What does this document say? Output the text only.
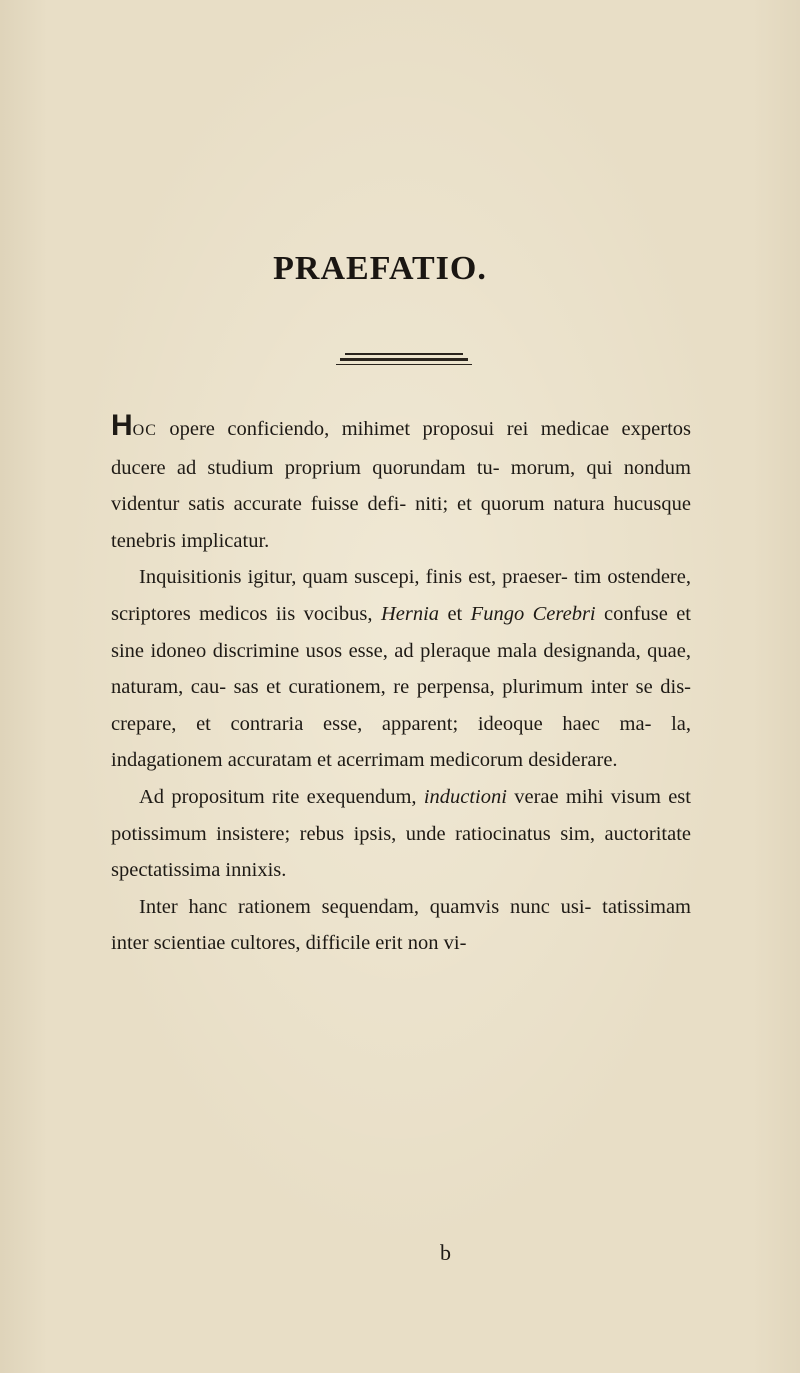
PRAEFATIO.

HOC opere conficiendo, mihimet proposui rei medicae expertos ducere ad studium proprium quorundam tu- morum, qui nondum videntur satis accurate fuisse defi- niti; et quorum natura hucusque tenebris implicatur.

Inquisitionis igitur, quam suscepi, finis est, praeser- tim ostendere, scriptores medicos iis vocibus, Hernia et Fungo Cerebri confuse et sine idoneo discrimine usos esse, ad pleraque mala designanda, quae, naturam, cau- sas et curationem, re perpensa, plurimum inter se dis- crepare, et contraria esse, apparent; ideoque haec ma- la, indagationem accuratam et acerrimam medicorum desiderare.

Ad propositum rite exequendum, inductioni verae mihi visum est potissimum insistere; rebus ipsis, unde ratiocinatus sim, auctoritate spectatissima innixis.

Inter hanc rationem sequendam, quamvis nunc usi- tatissimam inter scientiae cultores, difficile erit non vi-

b
